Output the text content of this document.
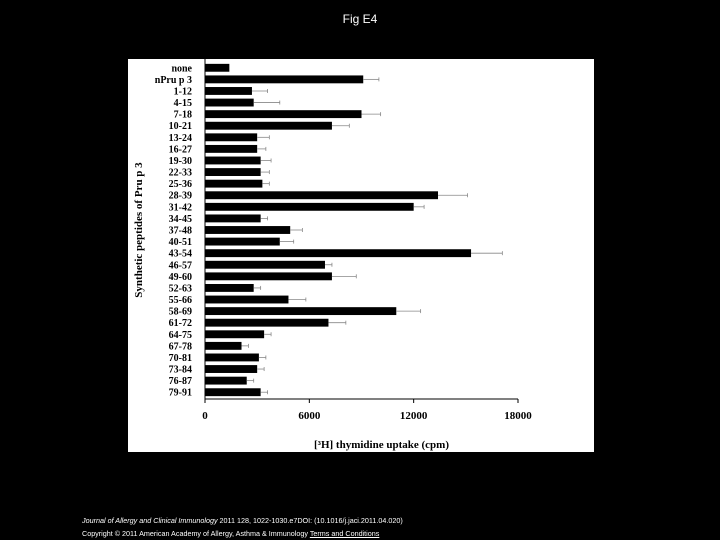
Fig E4
none
nPru p 3
1-12
4-15
7-18
10-21
13-24
16-27
19-30
22-33
25-36
28-39
31-42
34-45
37-48
40-51
43-54
46-57
49-60
52-63
55-66
58-69
61-72
64-75
67-78
70-81
73-84
76-87
79-91
0	6000	12000	18000
[³H] thymidine uptake (cpm)
Synthetic peptides of Pru p 3
Journal of Allergy and Clinical Immunology 2011 128, 1022-1030.e7DOI: (10.1016/j.jaci.2011.04.020)
Copyright © 2011 American Academy of Allergy, Asthma & Immunology Terms and Conditions
